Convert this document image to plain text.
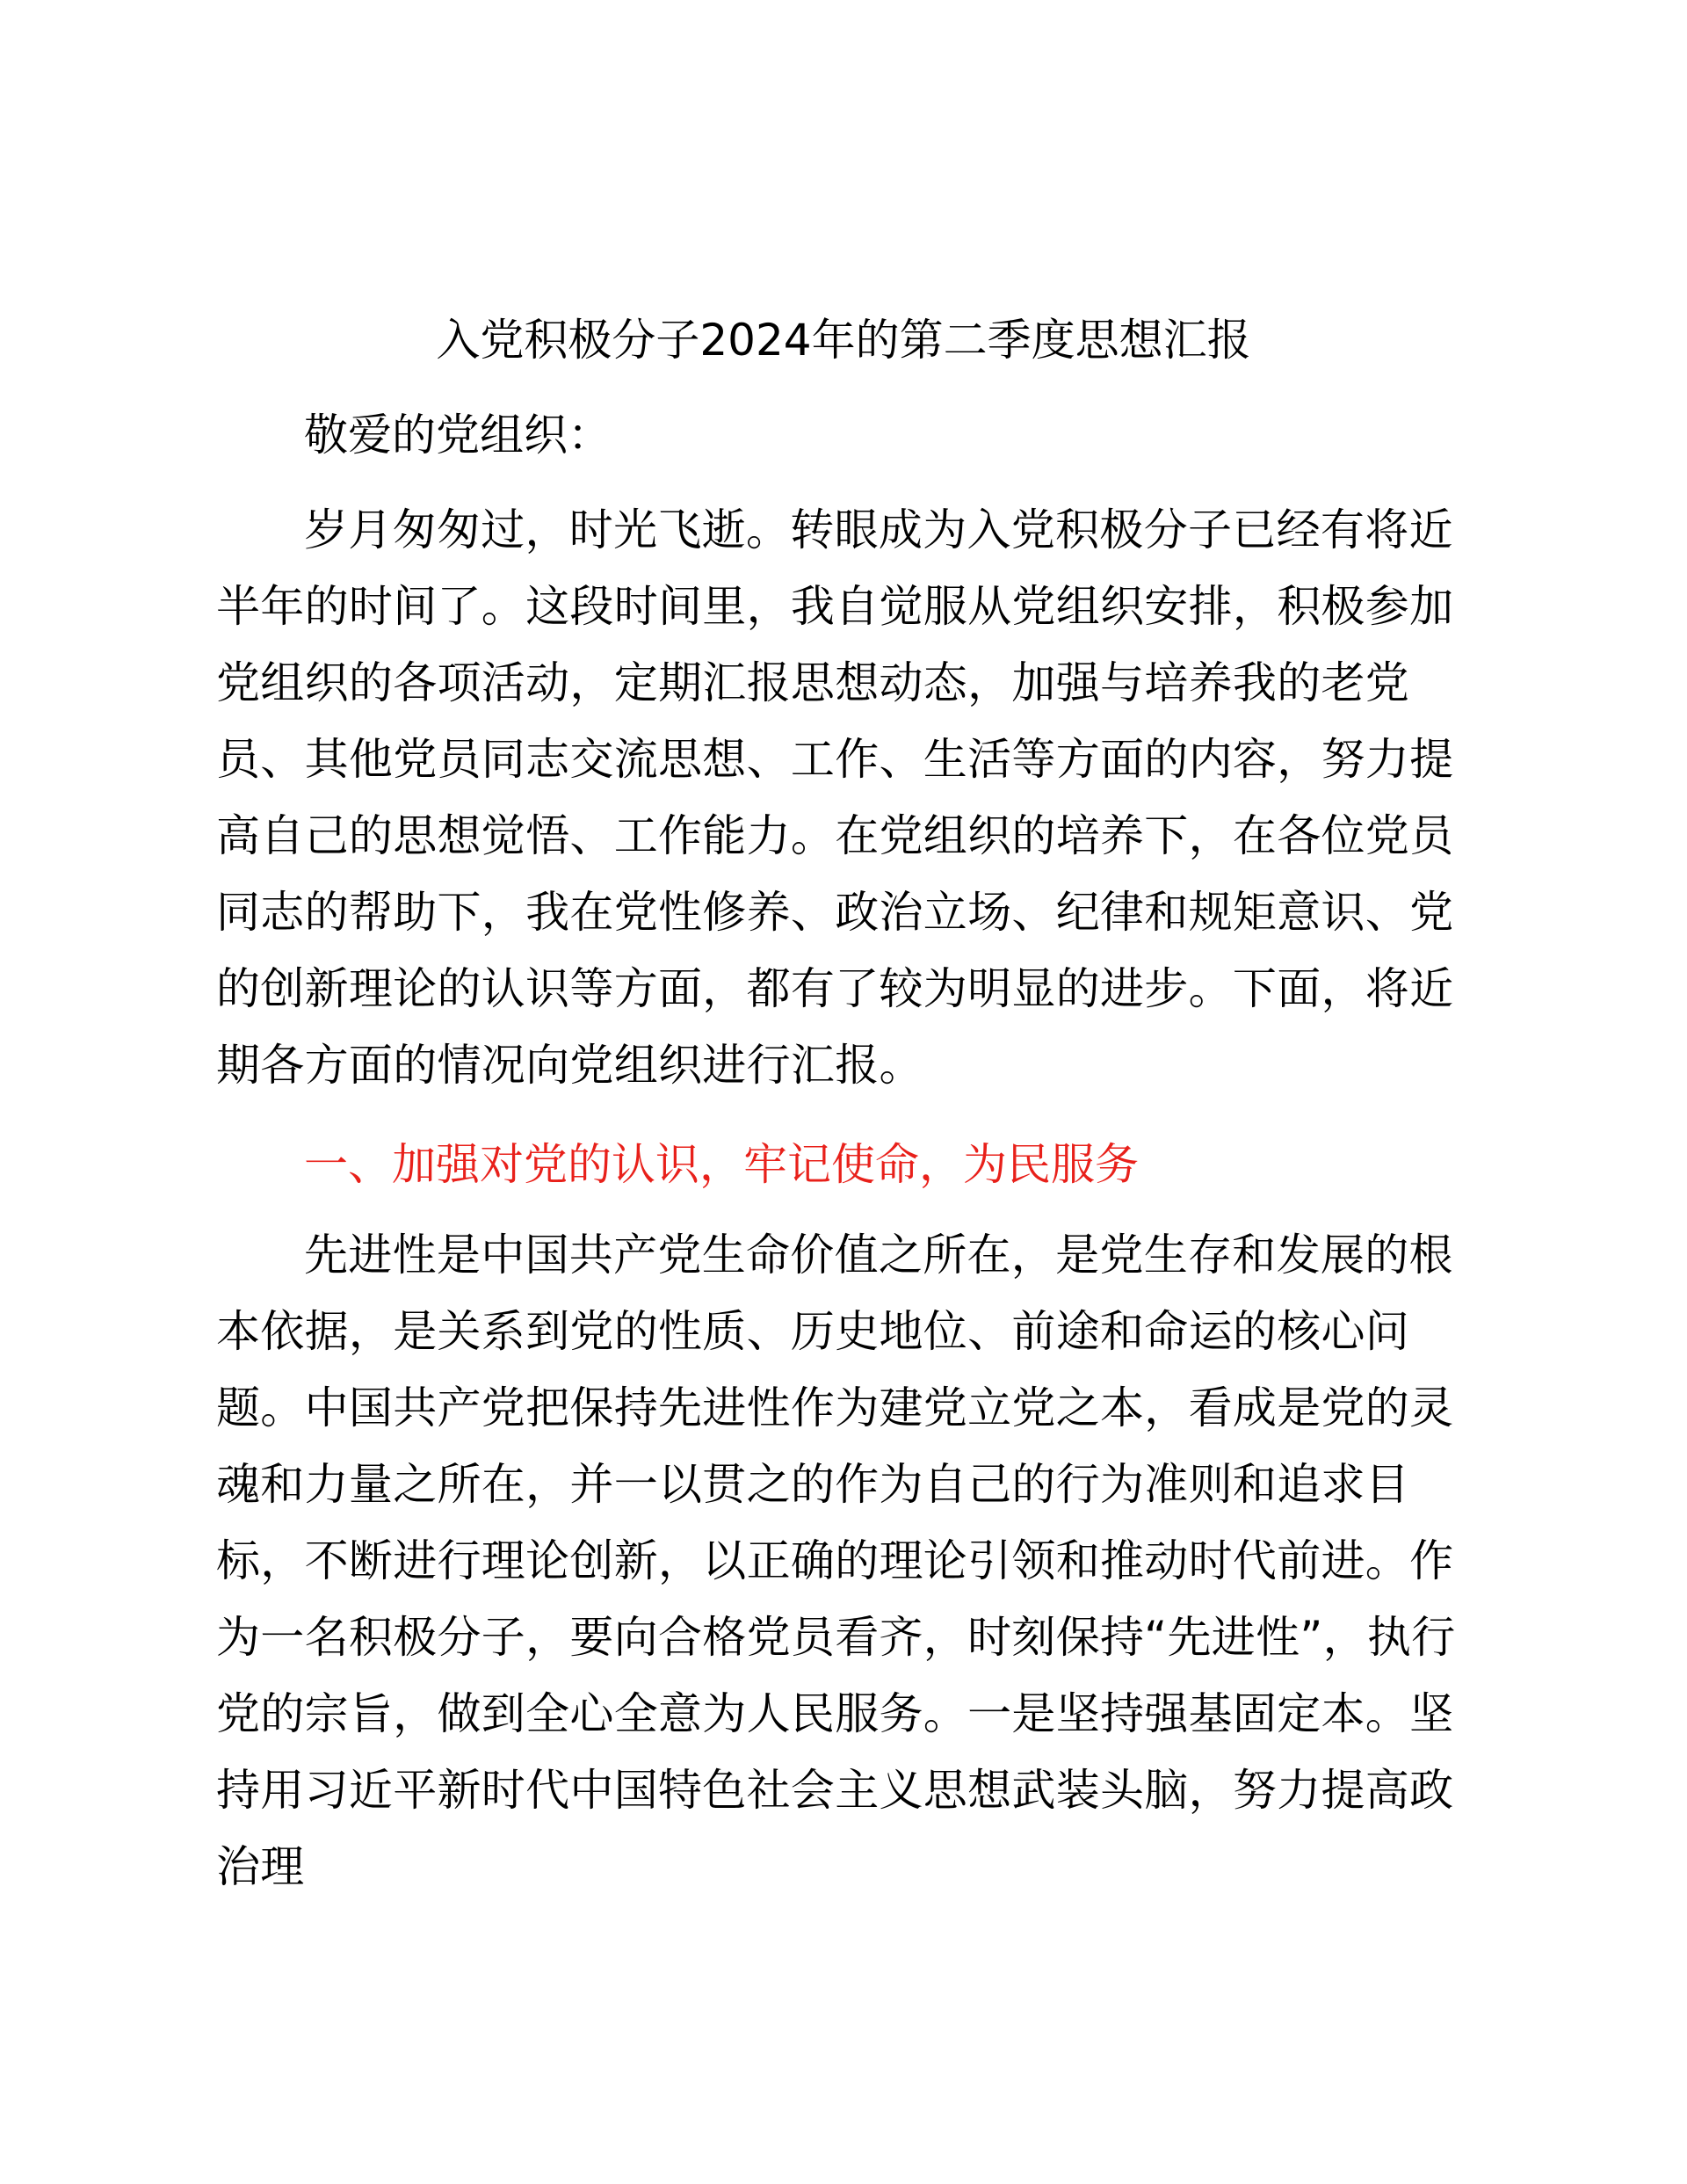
入党积极分子2024年的第二季度思想汇报

敬爱的党组织：

岁月匆匆过，时光飞逝。转眼成为入党积极分子已经有将近半年的时间了。这段时间里，我自觉服从党组织安排，积极参加党组织的各项活动，定期汇报思想动态，加强与培养我的老党员、其他党员同志交流思想、工作、生活等方面的内容，努力提高自己的思想觉悟、工作能力。在党组织的培养下，在各位党员同志的帮助下，我在党性修养、政治立场、纪律和规矩意识、党的创新理论的认识等方面，都有了较为明显的进步。下面，将近期各方面的情况向党组织进行汇报。

一、加强对党的认识，牢记使命，为民服务

先进性是中国共产党生命价值之所在，是党生存和发展的根本依据，是关系到党的性质、历史地位、前途和命运的核心问题。中国共产党把保持先进性作为建党立党之本，看成是党的灵魂和力量之所在，并一以贯之的作为自己的行为准则和追求目标，不断进行理论创新，以正确的理论引领和推动时代前进。作为一名积极分子，要向合格党员看齐，时刻保持“先进性”，执行党的宗旨，做到全心全意为人民服务。一是坚持强基固定本。坚持用习近平新时代中国特色社会主义思想武装头脑，努力提高政治理
